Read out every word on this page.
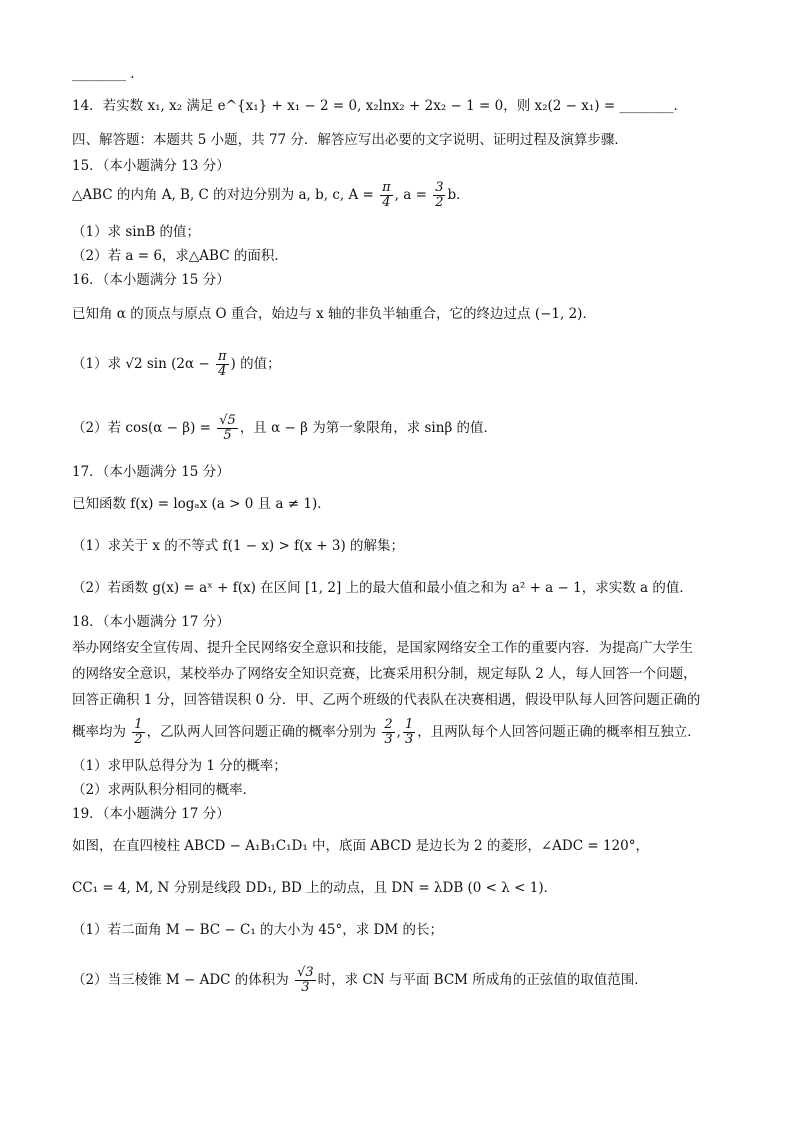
________ .
14．若实数 x₁, x₂ 满足 e^{x₁} + x₁ − 2 = 0, x₂lnx₂ + 2x₂ − 1 = 0，则 x₂(2 − x₁) = ________．
四、解答题：本题共 5 小题，共 77 分．解答应写出必要的文字说明、证明过程及演算步骤．
15．（本小题满分 13 分）
△ABC 的内角 A, B, C 的对边分别为 a, b, c, $A = \frac{\pi}{4}$ , $a = \frac{3}{2}$ b．
（1）求 sinB 的值；
（2）若 a = 6，求△ABC 的面积．
16．（本小题满分 15 分）
已知角 α 的顶点与原点 O 重合，始边与 x 轴的非负半轴重合，它的终边过点 (−1, 2)．
（1）求 √2 $\sin (2\alpha - \frac{\pi}{4}$ ) 的值；
（2）若 $\cos(\alpha - \beta) = \frac{√5}{5}$ ，且 α − β 为第一象限角，求 sinβ 的值．
17．（本小题满分 15 分）
已知函数 f(x) = logₐx (a > 0 且 a ≠ 1)．
（1）求关于 x 的不等式 f(1 − x) > f(x + 3) 的解集；
（2）若函数 g(x) = aˣ + f(x) 在区间 [1, 2] 上的最大值和最小值之和为 a² + a − 1，求实数 a 的值．
18．（本小题满分 17 分）
举办网络安全宣传周、提升全民网络安全意识和技能，是国家网络安全工作的重要内容．为提高广大学生
的网络安全意识，某校举办了网络安全知识竞赛，比赛采用积分制，规定每队 2 人，每人回答一个问题，
回答正确积 1 分，回答错误积 0 分．甲、乙两个班级的代表队在决赛相遇，假设甲队每人回答问题正确的
概率均为 $\frac{1}{2}$ ，乙队两人回答问题正确的概率分别为 $\frac{2}{3}$ , $\frac{1}{3}$ ，且两队每个人回答问题正确的概率相互独立．
（1）求甲队总得分为 1 分的概率；
（2）求两队积分相同的概率．
19．（本小题满分 17 分）
如图，在直四棱柱 ABCD − A₁B₁C₁D₁ 中，底面 ABCD 是边长为 2 的菱形，∠ADC = 120°，
CC₁ = 4, M, N 分别是线段 DD₁, BD 上的动点，且 DN = λDB (0 < λ < 1)．
（1）若二面角 M − BC − C₁ 的大小为 45°，求 DM 的长；
（2）当三棱锥 M − ADC 的体积为 $\frac{√3}{3}$ 时，求 CN 与平面 BCM 所成角的正弦值的取值范围．
